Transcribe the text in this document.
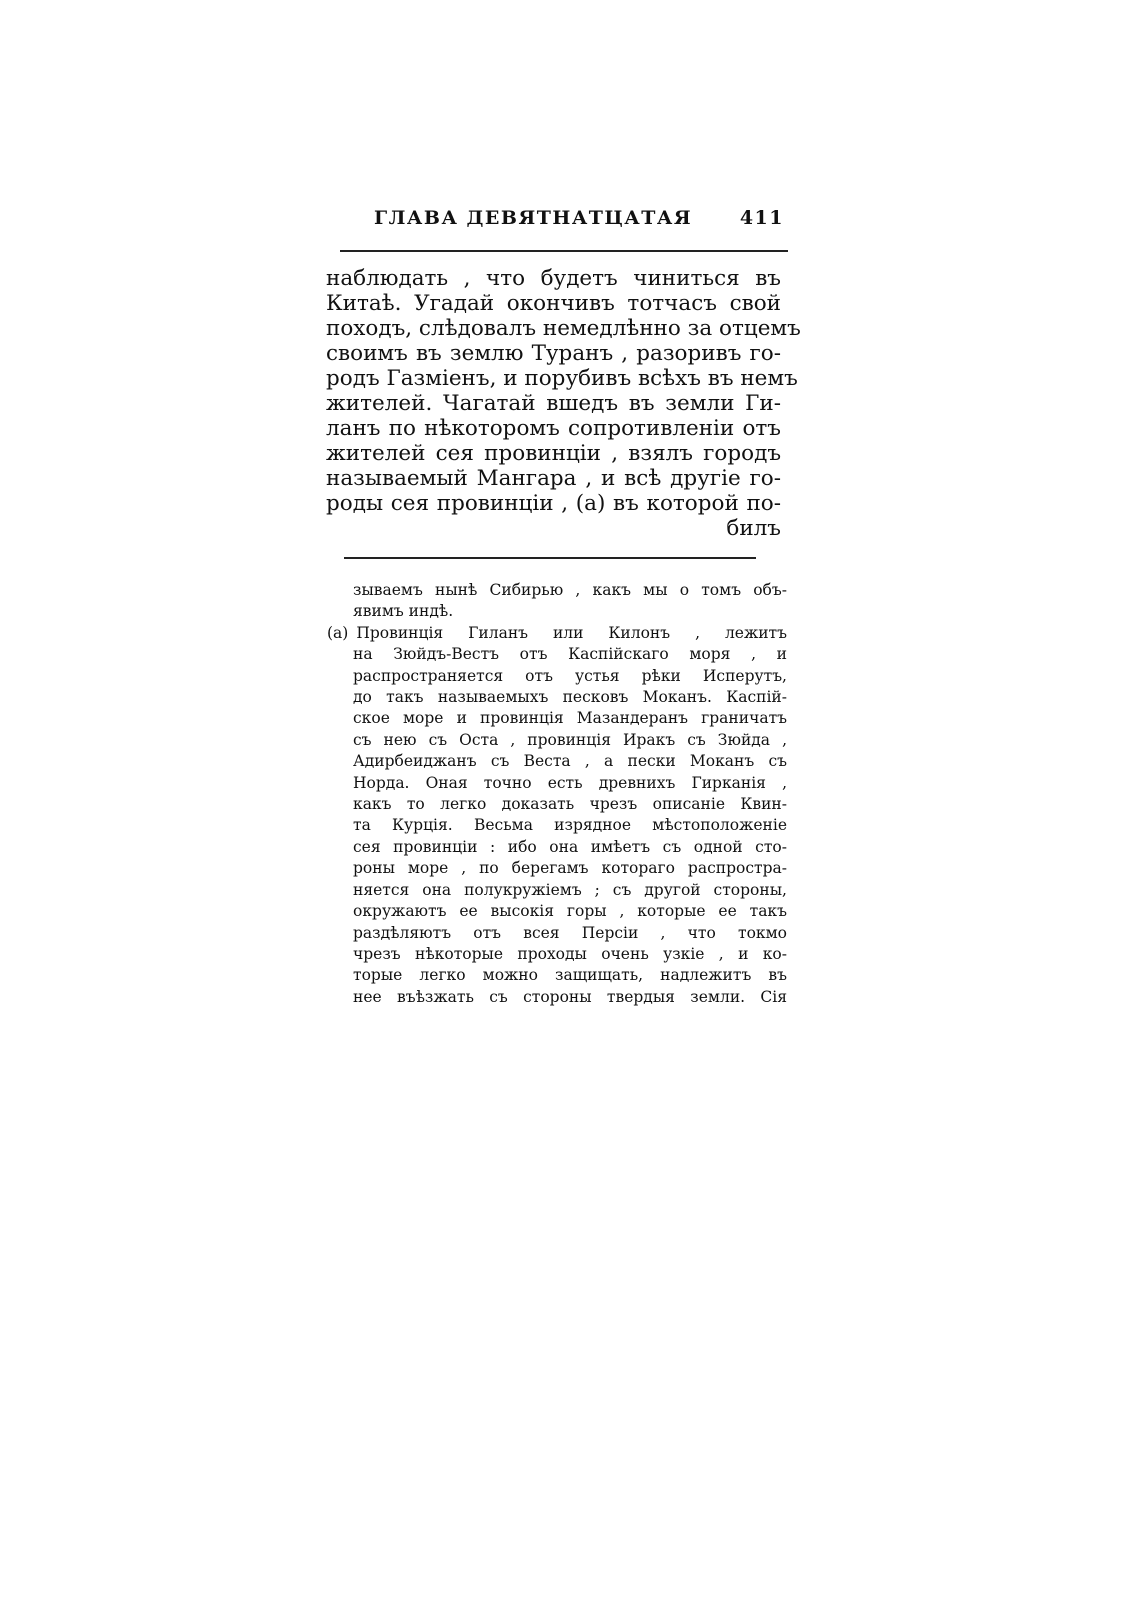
ГЛАВА ДЕВЯТНАТЦАТАЯ	411
наблюдать , что будетъ чиниться въ
Китаѣ. Угадай окончивъ тотчасъ свой
походъ, слѣдовалъ немедлѣнно за отцемъ
своимъ въ землю Туранъ , разоривъ го-
родъ Газміенъ, и порубивъ всѣхъ въ немъ
жителей. Чагатай вшедъ въ земли Ги-
ланъ по нѣкоторомъ сопротивленіи отъ
жителей сея провинціи , взялъ городъ
называемый Мангара , и всѣ другіе го-
роды сея провинціи , (а) въ которой по-
билъ
зываемъ нынѣ Сибирью , какъ мы о томъ объ-
явимъ индѣ.
(а) Провинція Гиланъ или Килонъ , лежитъ
на Зюйдъ-Вестъ отъ Каспійскаго моря , и
распространяется отъ устья рѣки Исперутъ,
до такъ называемыхъ песковъ Моканъ. Каспій-
ское море и провинція Мазандеранъ граничатъ
съ нею съ Оста , провинція Иракъ съ Зюйда ,
Адирбеиджанъ съ Веста , а пески Моканъ съ
Норда. Оная точно есть древнихъ Гирканія ,
какъ то легко доказать чрезъ описаніе Квин-
та Курція. Весьма изрядное мѣстоположеніе
сея провинціи : ибо она имѣетъ съ одной сто-
роны море , по берегамъ котораго распростра-
няется она полукружіемъ ; съ другой стороны,
окружаютъ ее высокія горы , которые ее такъ
раздѣляютъ отъ всея Персіи , что токмо
чрезъ нѣкоторые проходы очень узкіе , и ко-
торые легко можно защищать, надлежитъ въ
нее въѣзжать съ стороны твердыя земли. Сія
